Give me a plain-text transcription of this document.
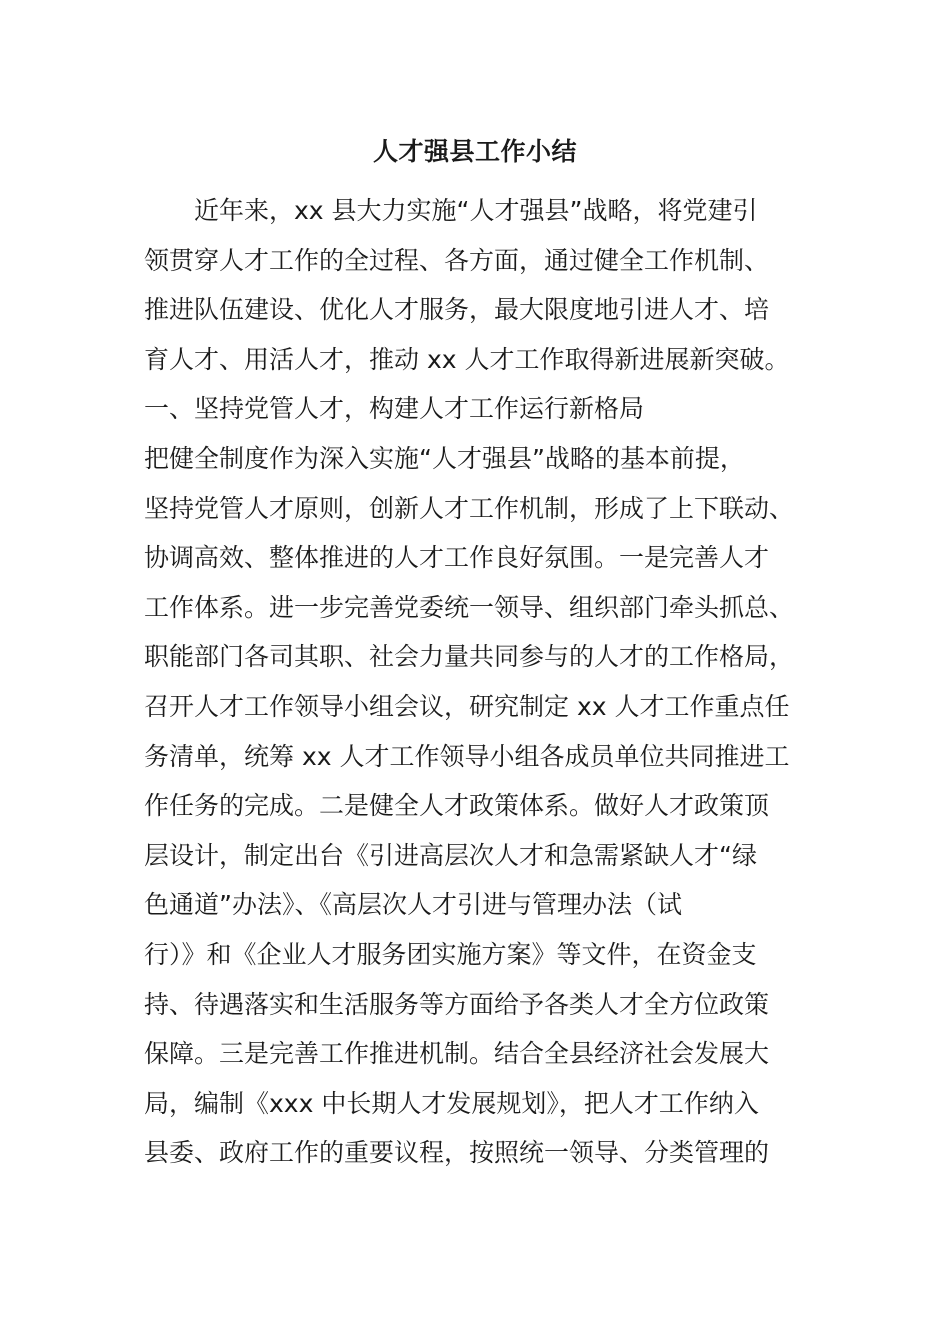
人才强县工作小结
近年来，xx 县大力实施“人才强县”战略，将党建引
领贯穿人才工作的全过程、各方面，通过健全工作机制、
推进队伍建设、优化人才服务，最大限度地引进人才、培
育人才、用活人才，推动 xx 人才工作取得新进展新突破。
一、坚持党管人才，构建人才工作运行新格局
把健全制度作为深入实施“人才强县”战略的基本前提，
坚持党管人才原则，创新人才工作机制，形成了上下联动、
协调高效、整体推进的人才工作良好氛围。一是完善人才
工作体系。进一步完善党委统一领导、组织部门牵头抓总、
职能部门各司其职、社会力量共同参与的人才的工作格局，
召开人才工作领导小组会议，研究制定 xx 人才工作重点任
务清单，统筹 xx 人才工作领导小组各成员单位共同推进工
作任务的完成。二是健全人才政策体系。做好人才政策顶
层设计，制定出台《引进高层次人才和急需紧缺人才“绿
色通道”办法》、《高层次人才引进与管理办法（试
行）》和《企业人才服务团实施方案》等文件，在资金支
持、待遇落实和生活服务等方面给予各类人才全方位政策
保障。三是完善工作推进机制。结合全县经济社会发展大
局，编制《xxx 中长期人才发展规划》，把人才工作纳入
县委、政府工作的重要议程，按照统一领导、分类管理的
